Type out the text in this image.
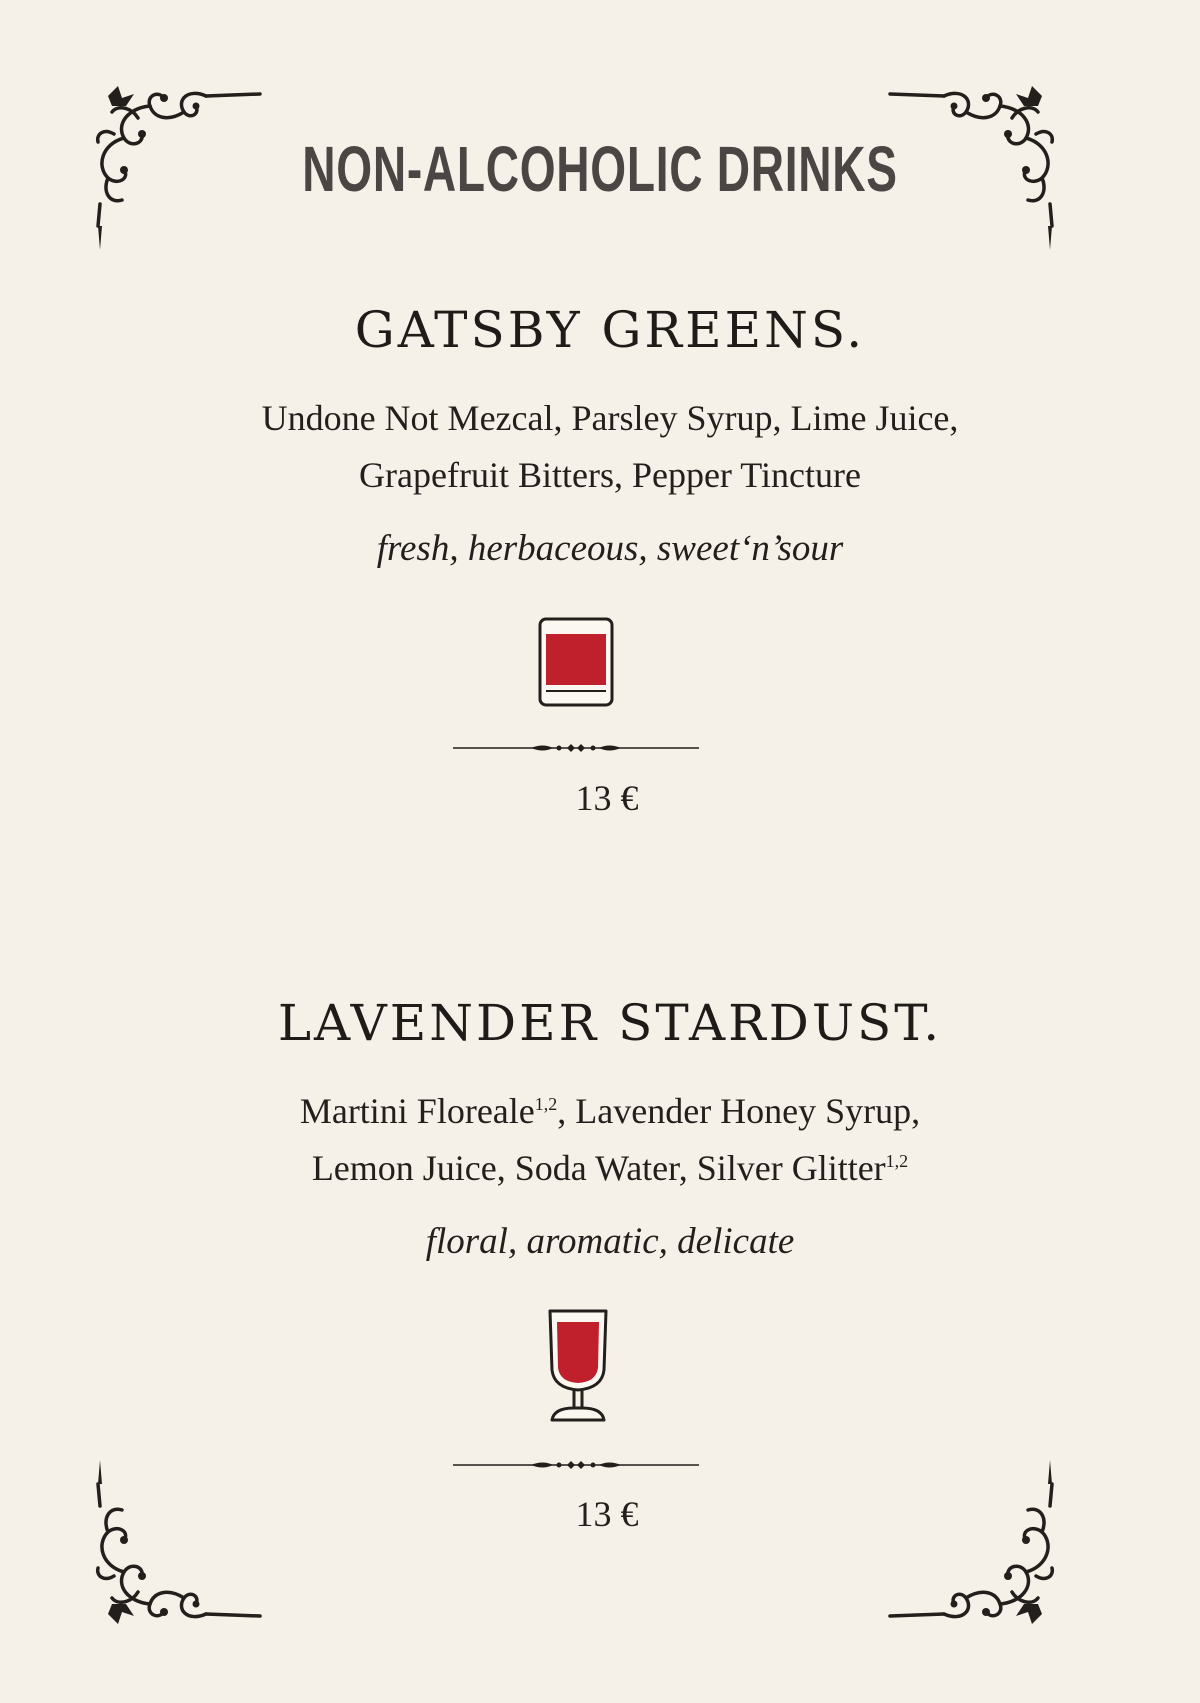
NON-ALCOHOLIC DRINKS
GATSBY GREENS.
Undone Not Mezcal, Parsley Syrup, Lime Juice,
Grapefruit Bitters, Pepper Tincture
fresh, herbaceous, sweet‘n’sour
13 €
LAVENDER STARDUST.
Martini Floreale$^{1,2}$, Lavender Honey Syrup,
Lemon Juice, Soda Water, Silver Glitter$^{1,2}$
floral, aromatic, delicate
13 €
